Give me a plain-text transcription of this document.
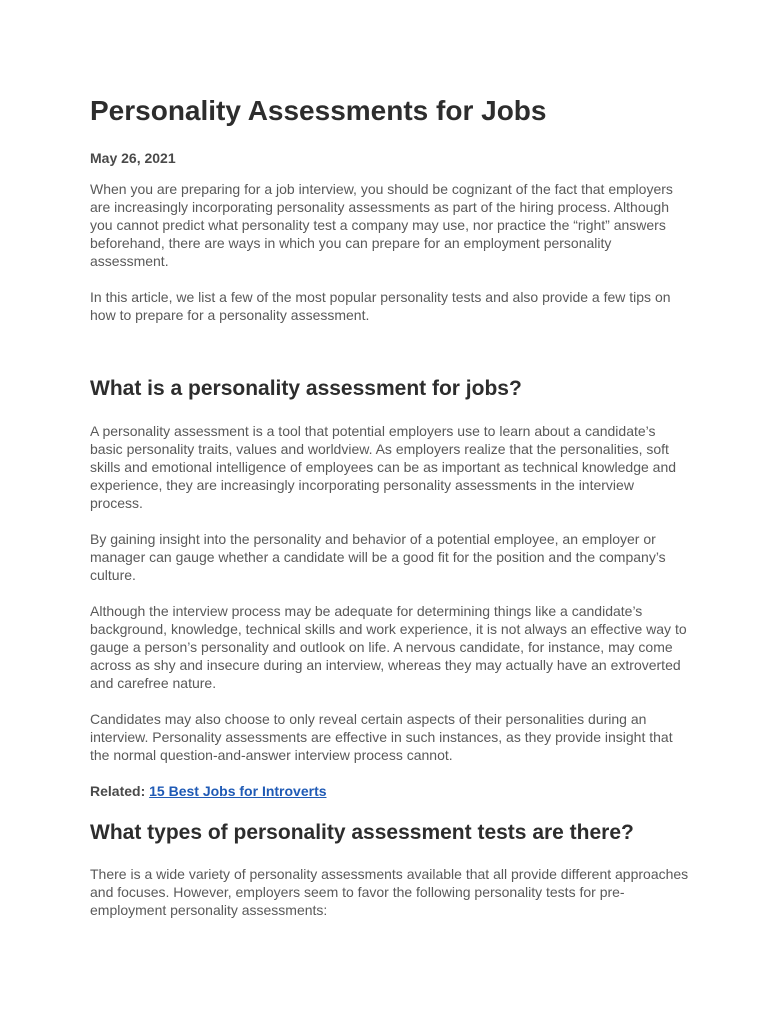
Personality Assessments for Jobs
May 26, 2021

When you are preparing for a job interview, you should be cognizant of the fact that employers are increasingly incorporating personality assessments as part of the hiring process. Although you cannot predict what personality test a company may use, nor practice the “right” answers beforehand, there are ways in which you can prepare for an employment personality assessment.

In this article, we list a few of the most popular personality tests and also provide a few tips on how to prepare for a personality assessment.

What is a personality assessment for jobs?

A personality assessment is a tool that potential employers use to learn about a candidate’s basic personality traits, values and worldview. As employers realize that the personalities, soft skills and emotional intelligence of employees can be as important as technical knowledge and experience, they are increasingly incorporating personality assessments in the interview process.

By gaining insight into the personality and behavior of a potential employee, an employer or manager can gauge whether a candidate will be a good fit for the position and the company’s culture.

Although the interview process may be adequate for determining things like a candidate’s background, knowledge, technical skills and work experience, it is not always an effective way to gauge a person’s personality and outlook on life. A nervous candidate, for instance, may come across as shy and insecure during an interview, whereas they may actually have an extroverted and carefree nature.

Candidates may also choose to only reveal certain aspects of their personalities during an interview. Personality assessments are effective in such instances, as they provide insight that the normal question-and-answer interview process cannot.

Related: 15 Best Jobs for Introverts
What types of personality assessment tests are there?

There is a wide variety of personality assessments available that all provide different approaches and focuses. However, employers seem to favor the following personality tests for pre-employment personality assessments:
